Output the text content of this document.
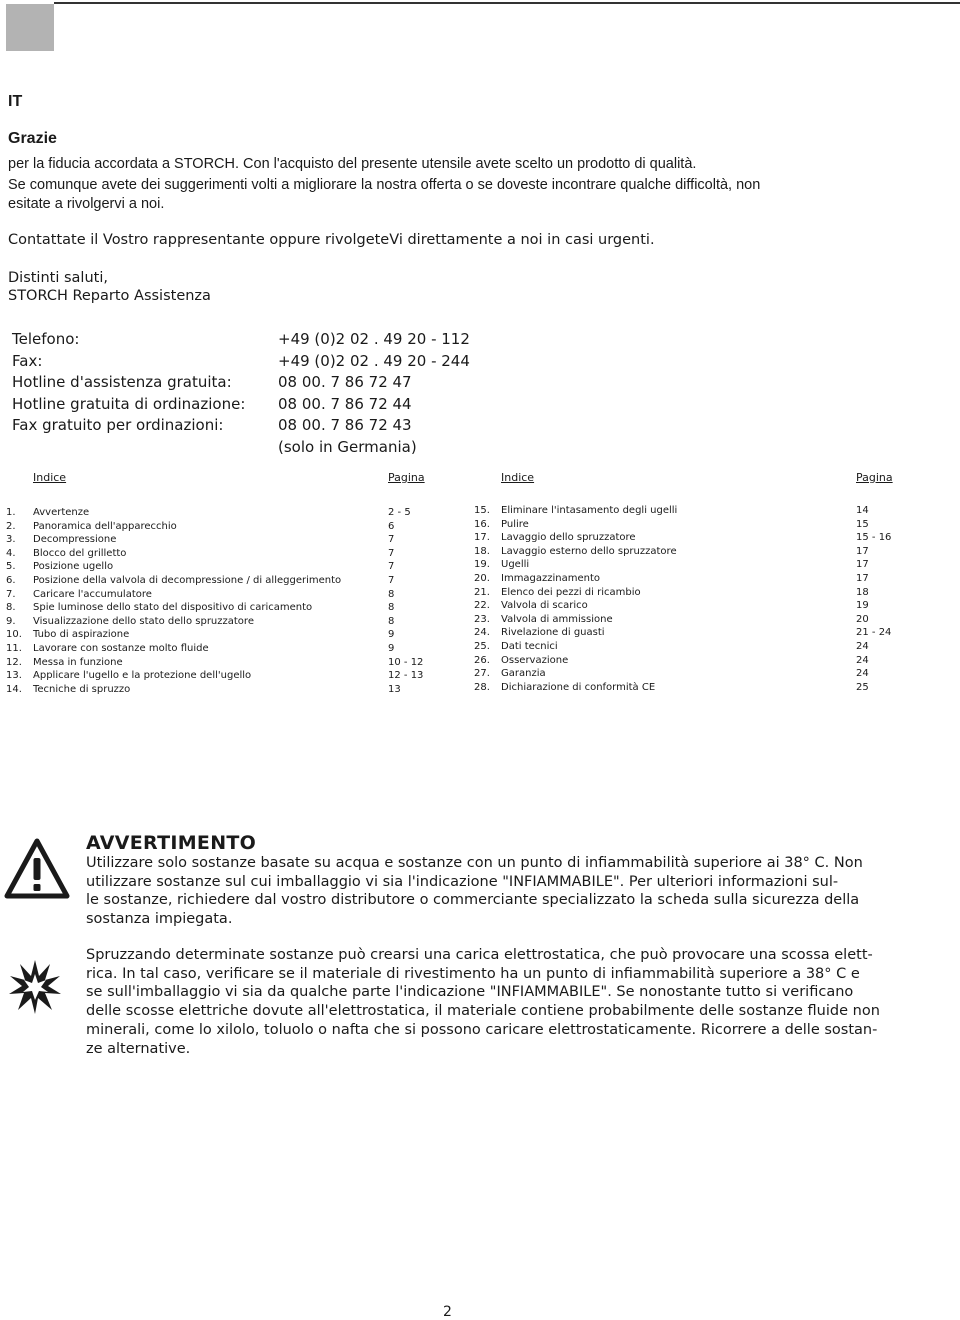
IT
Grazie
per la fiducia accordata a STORCH. Con l'acquisto del presente utensile avete scelto un prodotto di qualità.
Se comunque avete dei suggerimenti volti a migliorare la nostra offerta o se doveste incontrare qualche difficoltà, non
esitate a rivolgervi a noi.
Contattate il Vostro rappresentante oppure rivolgeteVi direttamente a noi in casi urgenti.
Distinti saluti,
STORCH Reparto Assistenza
Telefono:	+49 (0)2 02 . 49 20 - 112
Fax:	+49 (0)2 02 . 49 20 - 244
Hotline d'assistenza gratuita:	08 00. 7 86 72 47
Hotline gratuita di ordinazione:	08 00. 7 86 72 44
Fax gratuito per ordinazioni:	08 00. 7 86 72 43
(solo in Germania)
Indice	Pagina	Indice	Pagina
1. Avvertenze	2 - 5
2. Panoramica dell'apparecchio	6
3. Decompressione	7
4. Blocco del grilletto	7
5. Posizione ugello	7
6. Posizione della valvola di decompressione / di alleggerimento	7
7. Caricare l'accumulatore	8
8. Spie luminose dello stato del dispositivo di caricamento	8
9. Visualizzazione dello stato dello spruzzatore	8
10. Tubo di aspirazione	9
11. Lavorare con sostanze molto fluide	9
12. Messa in funzione	10 - 12
13. Applicare l'ugello e la protezione dell'ugello	12 - 13
14. Tecniche di spruzzo	13
15. Eliminare l'intasamento degli ugelli	14
16. Pulire	15
17. Lavaggio dello spruzzatore	15 - 16
18. Lavaggio esterno dello spruzzatore	17
19. Ugelli	17
20. Immagazzinamento	17
21. Elenco dei pezzi di ricambio	18
22. Valvola di scarico	19
23. Valvola di ammissione	20
24. Rivelazione di guasti	21 - 24
25. Dati tecnici	24
26. Osservazione	24
27. Garanzia	24
28. Dichiarazione di conformità CE	25
AVVERTIMENTO
Utilizzare solo sostanze basate su acqua e sostanze con un punto di infiammabilità superiore ai 38° C. Non
utilizzare sostanze sul cui imballaggio vi sia l'indicazione "INFIAMMABILE". Per ulteriori informazioni sul-
le sostanze, richiedere dal vostro distributore o commerciante specializzato la scheda sulla sicurezza della
sostanza impiegata.
Spruzzando determinate sostanze può crearsi una carica elettrostatica, che può provocare una scossa elett-
rica. In tal caso, verificare se il materiale di rivestimento ha un punto di infiammabilità superiore a 38° C e
se sull'imballaggio vi sia da qualche parte l'indicazione "INFIAMMABILE". Se nonostante tutto si verificano
delle scosse elettriche dovute all'elettrostatica, il materiale contiene probabilmente delle sostanze fluide non
minerali, come lo xilolo, toluolo o nafta che si possono caricare elettrostaticamente. Ricorrere a delle sostan-
ze alternative.
2
